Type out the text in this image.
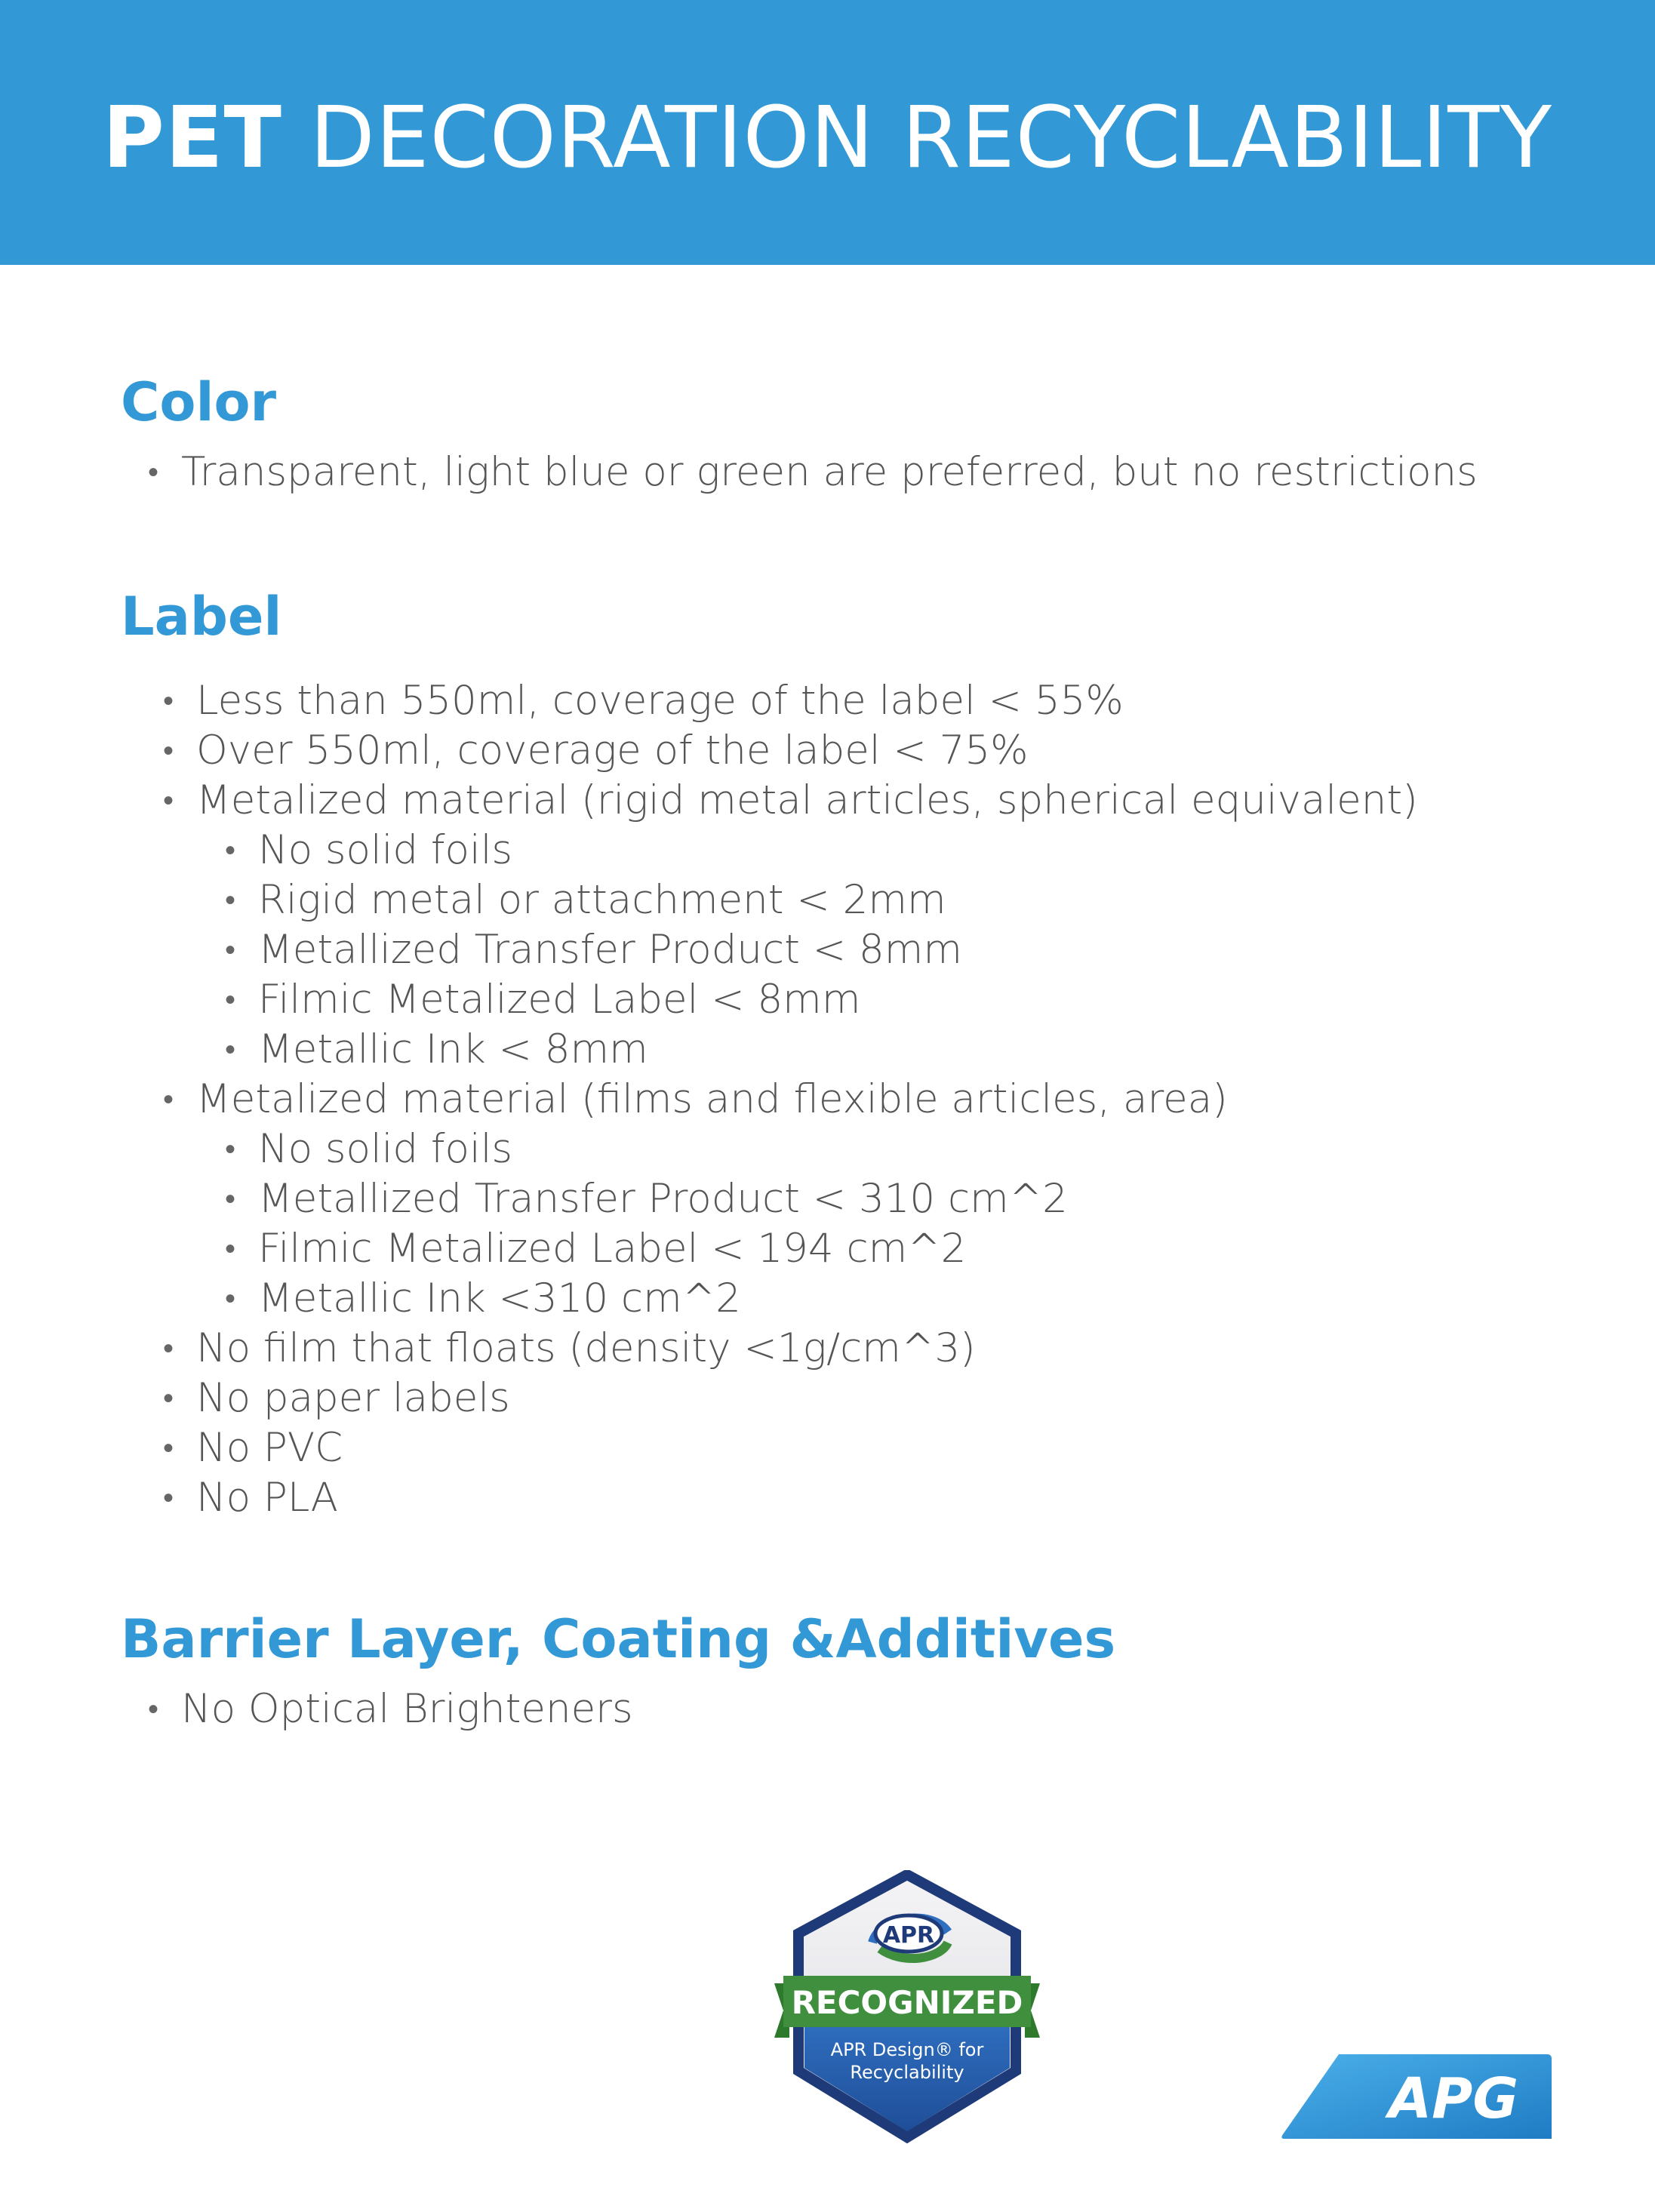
PET DECORATION RECYCLABILITY
Color
• Transparent, light blue or green are preferred, but no restrictions
Label
• Less than 550ml, coverage of the label < 55%
• Over 550ml, coverage of the label < 75%
• Metalized material (rigid metal articles, spherical equivalent)
• No solid foils
• Rigid metal or attachment < 2mm
• Metallized Transfer Product < 8mm
• Filmic Metalized Label < 8mm
• Metallic Ink < 8mm
• Metalized material (films and flexible articles, area)
• No solid foils
• Metallized Transfer Product < 310 cm^2
• Filmic Metalized Label < 194 cm^2
• Metallic Ink <310 cm^2
• No film that floats (density <1g/cm^3)
• No paper labels
• No PVC
• No PLA
Barrier Layer, Coating &Additives
• No Optical Brighteners
RECOGNIZED
APR
APR Design® for
Recyclability	APG
